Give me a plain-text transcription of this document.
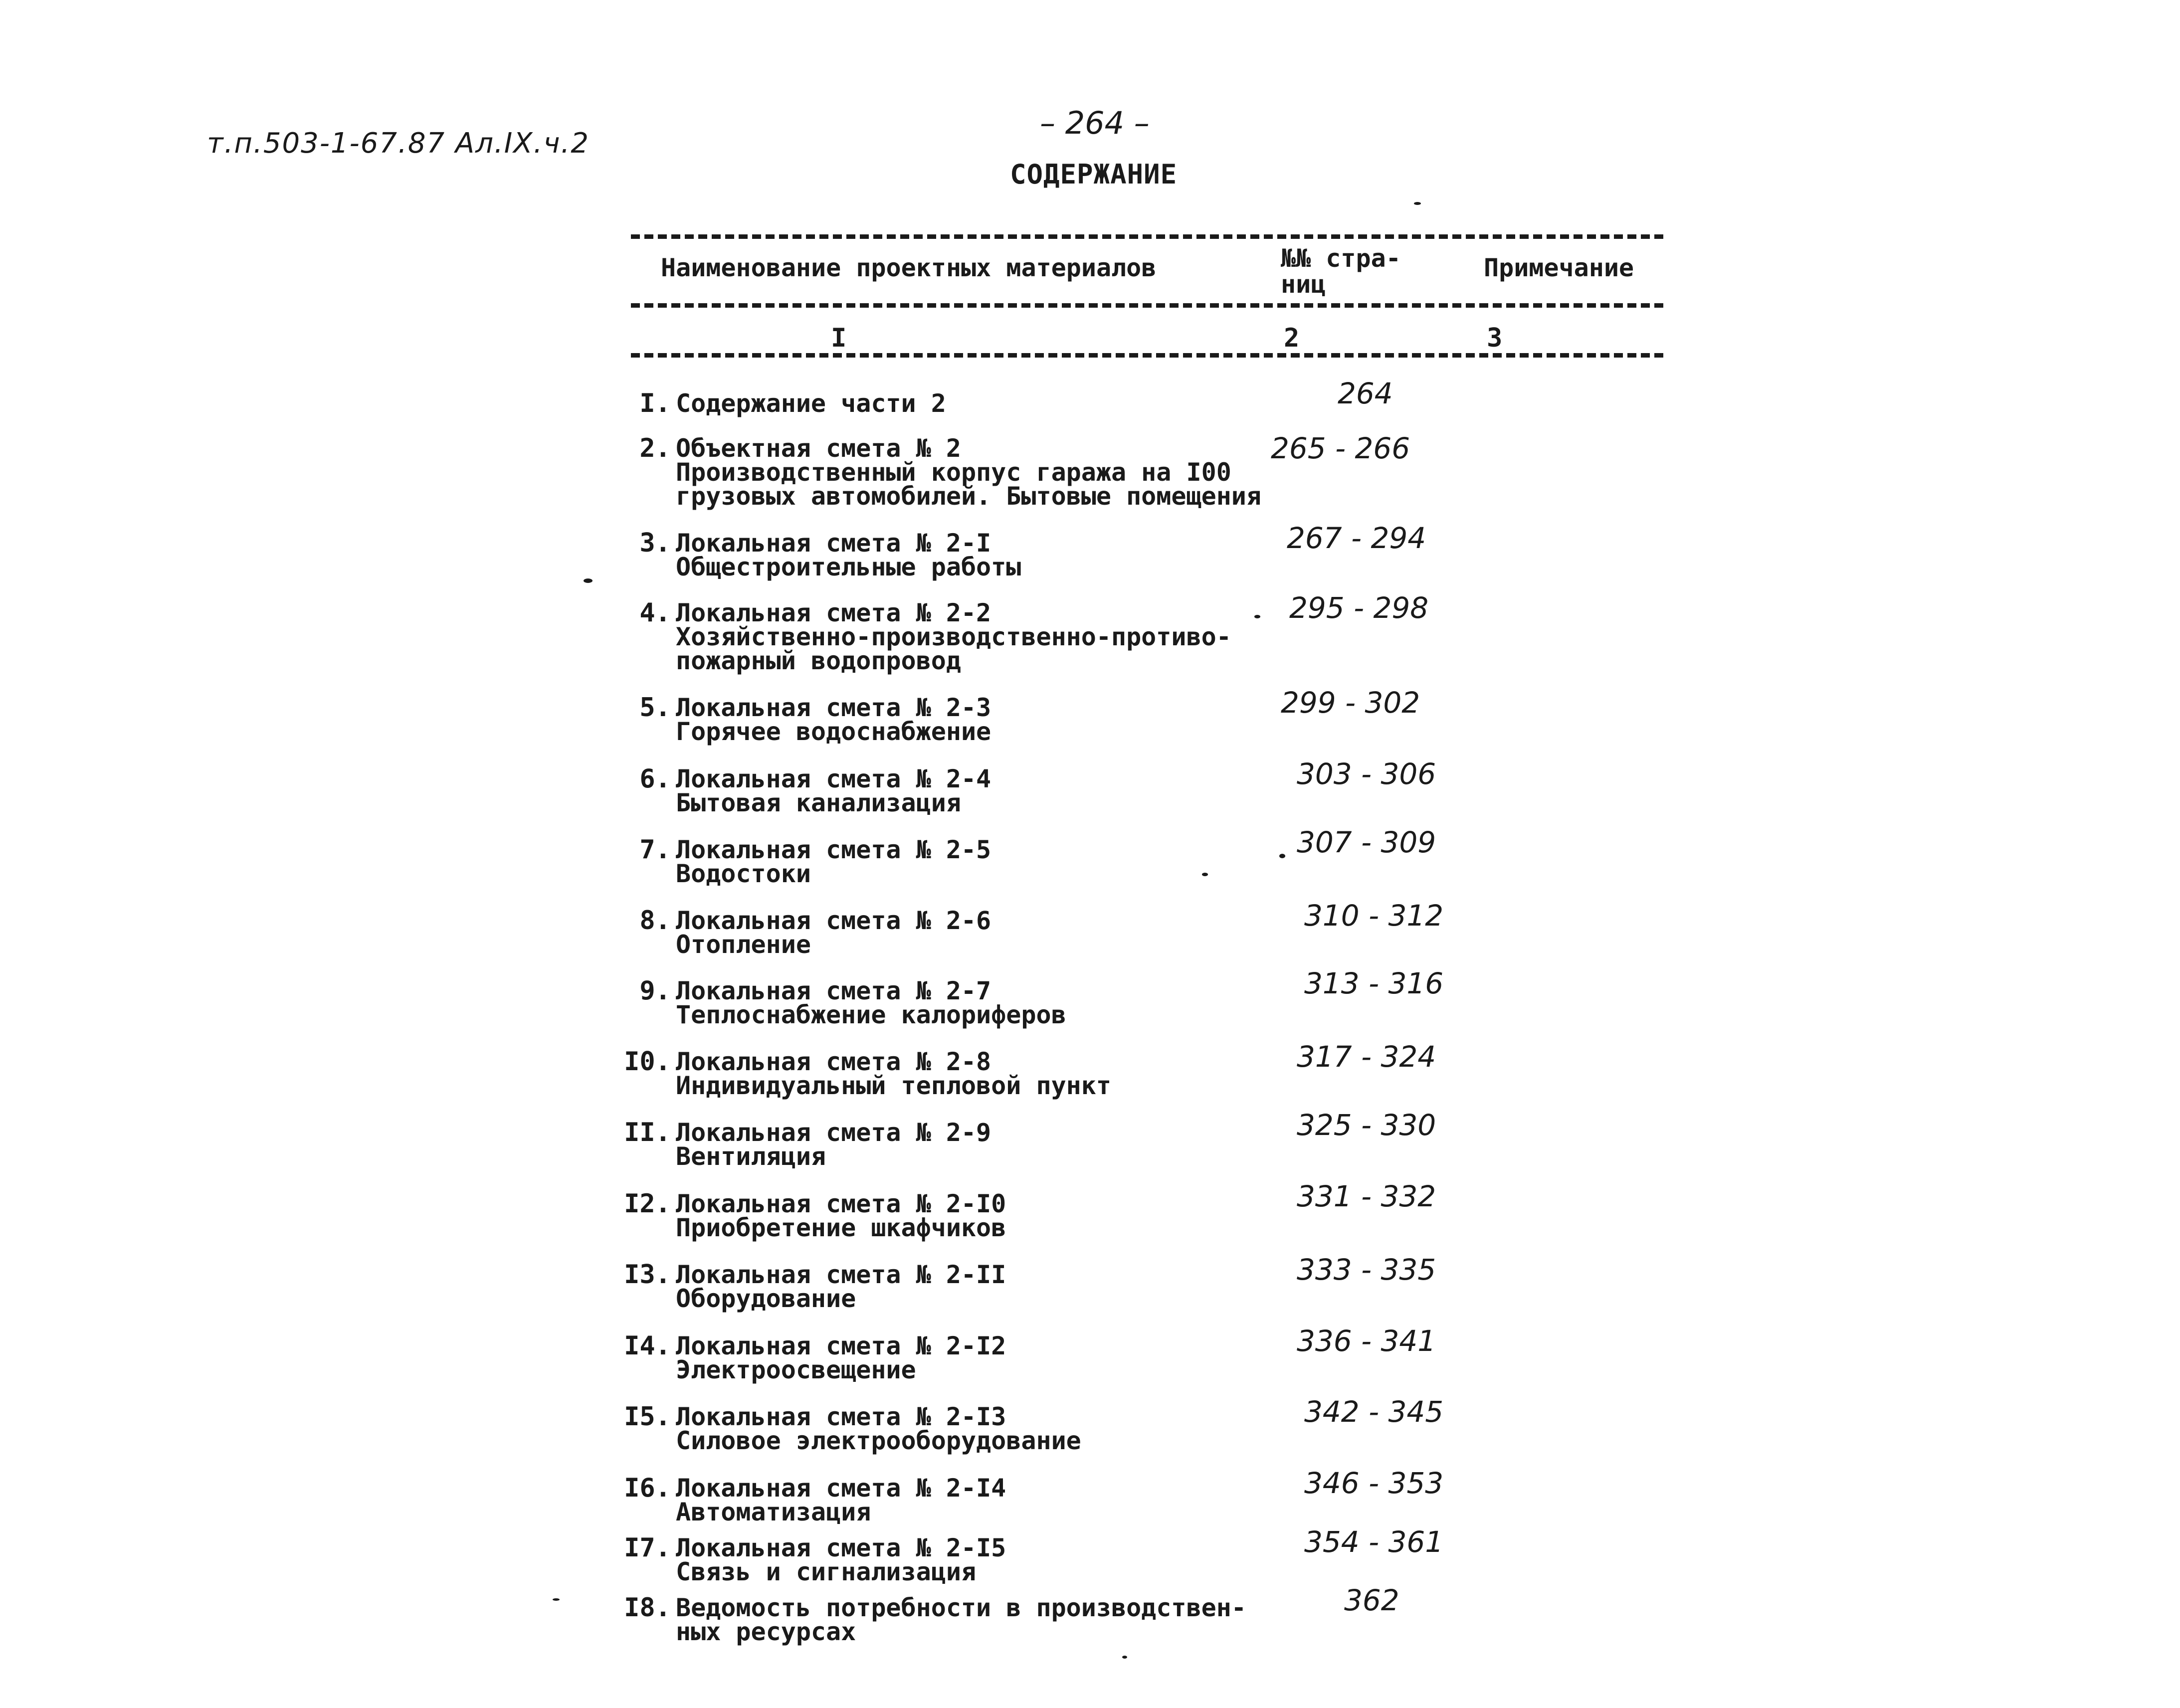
т.п.503-1-67.87 Ал.IX.ч.2
– 264 –
СОДЕРЖАНИЕ
Наименование проектных материалов	№№ стра-
ниц
Примечание
I	2	3
I. Содержание части 2	264
2. Объектная смета № 2
Производственный корпус гаража на I00
грузовых автомобилей. Бытовые помещения
265 - 266
3. Локальная смета № 2-I
Общестроительные работы
267 - 294
4. Локальная смета № 2-2
Хозяйственно-производственно-противо-
пожарный водопровод
295 - 298
5. Локальная смета № 2-3
Горячее водоснабжение
299 - 302
6. Локальная смета № 2-4
Бытовая канализация
303 - 306
7. Локальная смета № 2-5
Водостоки
307 - 309
8. Локальная смета № 2-6
Отопление
310 - 312
9. Локальная смета № 2-7
Теплоснабжение калориферов
313 - 316
I0. Локальная смета № 2-8
Индивидуальный тепловой пункт
317 - 324
II. Локальная смета № 2-9
Вентиляция
325 - 330
I2. Локальная смета № 2-I0
Приобретение шкафчиков
331 - 332
I3. Локальная смета № 2-II
Оборудование
333 - 335
I4. Локальная смета № 2-I2
Электроосвещение
336 - 341
I5. Локальная смета № 2-I3
Силовое электрооборудование
342 - 345
I6. Локальная смета № 2-I4
Автоматизация
346 - 353
I7. Локальная смета № 2-I5
Связь и сигнализация
354 - 361
I8. Ведомость потребности в производствен-
ных ресурсах
362
